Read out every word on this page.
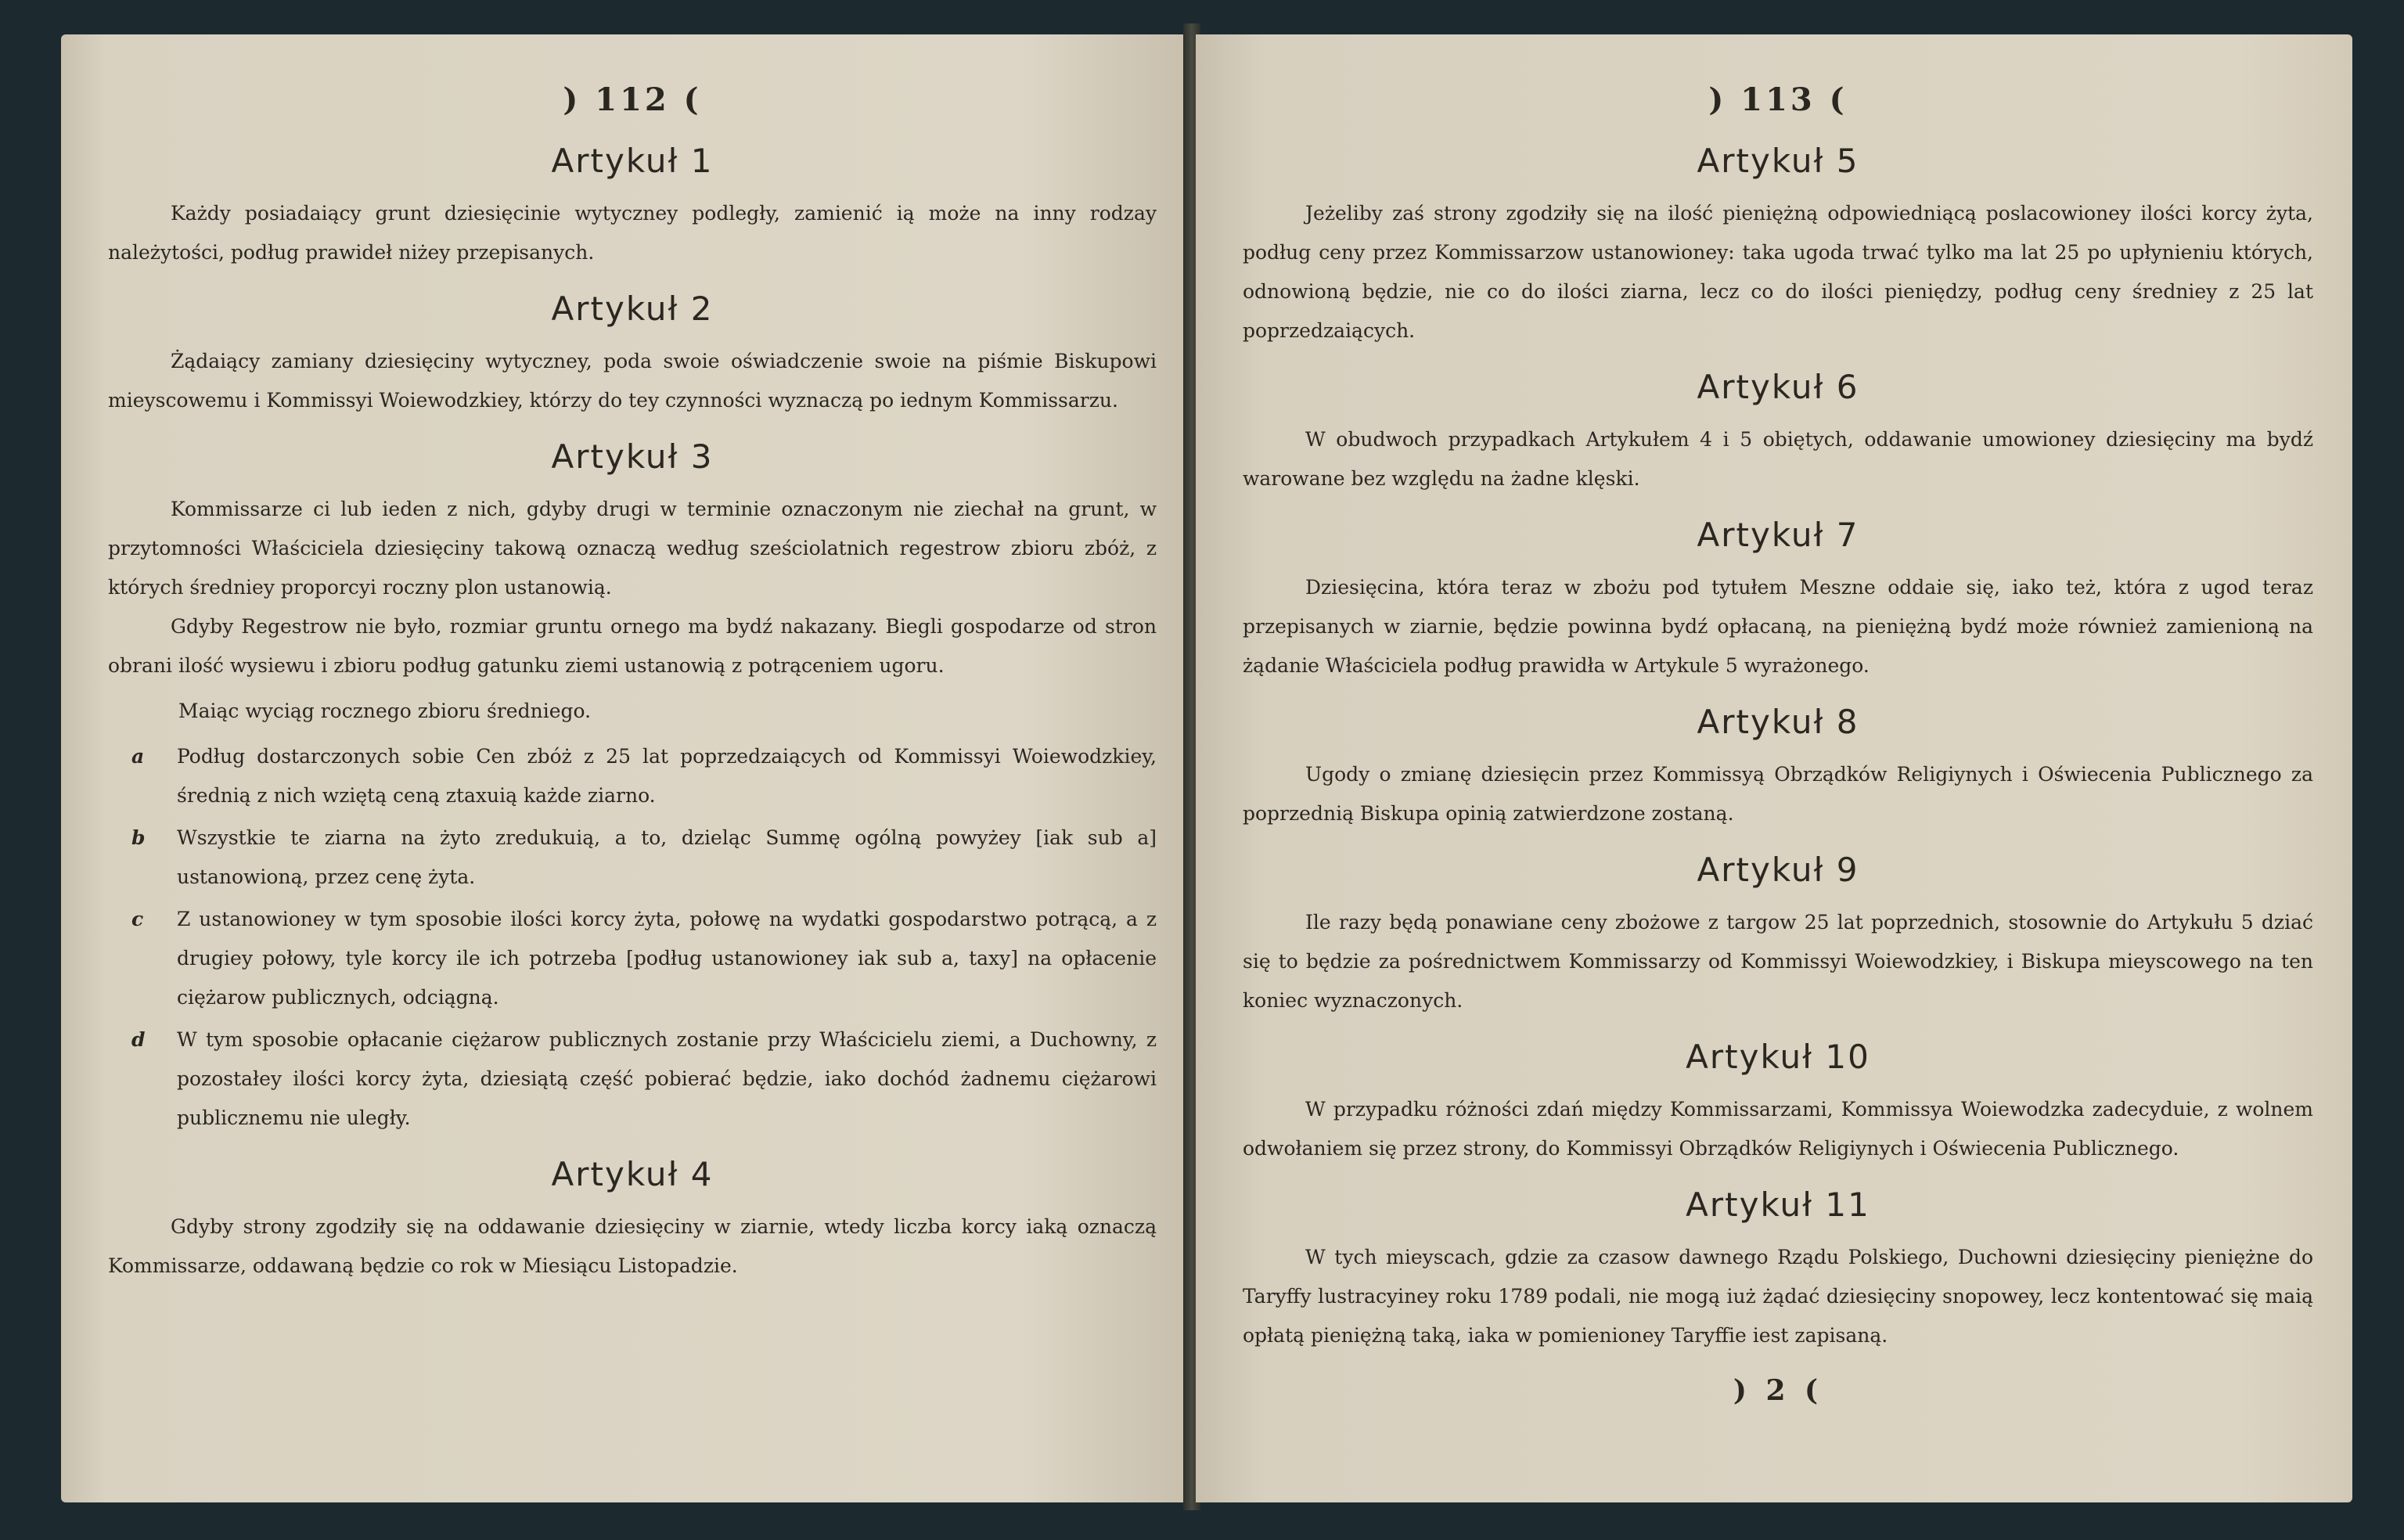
) 112 (
Artykuł 1

Każdy posiadaiący grunt dziesięcinie wytyczney podległy, zamienić ią może na inny rodzay należytości, podług prawideł niżey przepisanych.

Artykuł 2

Żądaiący zamiany dziesięciny wytyczney, poda swoie oświadczenie swoie na piśmie Biskupowi mieyscowemu i Kommissyi Woiewodzkiey, którzy do tey czynności wyznaczą po iednym Kommissarzu.

Artykuł 3

Kommissarze ci lub ieden z nich, gdyby drugi w terminie oznaczonym nie ziechał na grunt, w przytomności Właściciela dziesięciny takową oznaczą według sześciolatnich regestrow zbioru zbóż, z których średniey proporcyi roczny plon ustanowią.

Gdyby Regestrow nie było, rozmiar gruntu ornego ma bydź nakazany. Biegli gospodarze od stron obrani ilość wysiewu i zbioru podług gatunku ziemi ustanowią z potrąceniem ugoru.

Maiąc wyciąg rocznego zbioru średniego.

a	Podług dostarczonych sobie Cen zbóż z 25 lat poprzedzaiących od Kommissyi Woiewodzkiey, średnią z nich wziętą ceną ztaxuią każde ziarno.
b	Wszystkie te ziarna na żyto zredukuią, a to, dzieląc Summę ogólną powyżey [iak sub a] ustanowioną, przez cenę żyta.
c	Z ustanowioney w tym sposobie ilości korcy żyta, połowę na wydatki gospodarstwo potrącą, a z drugiey połowy, tyle korcy ile ich potrzeba [podług ustanowioney iak sub a, taxy] na opłacenie ciężarow publicznych, odciągną.
d	W tym sposobie opłacanie ciężarow publicznych zostanie przy Właścicielu ziemi, a Duchowny, z pozostałey ilości korcy żyta, dziesiątą część pobierać będzie, iako dochód żadnemu ciężarowi publicznemu nie uległy.
Artykuł 4

Gdyby strony zgodziły się na oddawanie dziesięciny w ziarnie, wtedy liczba korcy iaką oznaczą Kommissarze, oddawaną będzie co rok w Miesiącu Listopadzie.

) 113 (
Artykuł 5

Jeżeliby zaś strony zgodziły się na ilość pieniężną odpowiedniącą poslacowioney ilości korcy żyta, podług ceny przez Kommissarzow ustanowioney: taka ugoda trwać tylko ma lat 25 po upłynieniu których, odnowioną będzie, nie co do ilości ziarna, lecz co do ilości pieniędzy, podług ceny średniey z 25 lat poprzedzaiących.

Artykuł 6

W obudwoch przypadkach Artykułem 4 i 5 obiętych, oddawanie umowioney dziesięciny ma bydź warowane bez względu na żadne klęski.

Artykuł 7

Dziesięcina, która teraz w zbożu pod tytułem Meszne oddaie się, iako też, która z ugod teraz przepisanych w ziarnie, będzie powinna bydź opłacaną, na pieniężną bydź może również zamienioną na żądanie Właściciela podług prawidła w Artykule 5 wyrażonego.

Artykuł 8

Ugody o zmianę dziesięcin przez Kommissyą Obrządków Religiynych i Oświecenia Publicznego za poprzednią Biskupa opinią zatwierdzone zostaną.

Artykuł 9

Ile razy będą ponawiane ceny zbożowe z targow 25 lat poprzednich, stosownie do Artykułu 5 dziać się to będzie za pośrednictwem Kommissarzy od Kommissyi Woiewodzkiey, i Biskupa mieyscowego na ten koniec wyznaczonych.

Artykuł 10

W przypadku różności zdań między Kommissarzami, Kommissya Woiewodzka zadecyduie, z wolnem odwołaniem się przez strony, do Kommissyi Obrządków Religiynych i Oświecenia Publicznego.

Artykuł 11

W tych mieyscach, gdzie za czasow dawnego Rządu Polskiego, Duchowni dziesięciny pieniężne do Taryffy lustracyiney roku 1789 podali, nie mogą iuż żądać dziesięciny snopowey, lecz kontentować się maią opłatą pieniężną taką, iaka w pomienioney Taryffie iest zapisaną.

) 2 (
